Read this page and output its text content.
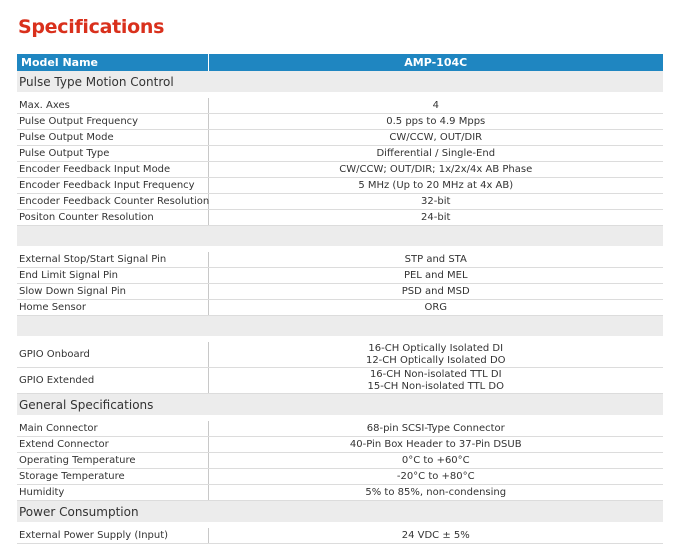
Specifications
Model Name	AMP-104C
Pulse Type Motion Control	

Max. Axes	4
Pulse Output Frequency	0.5 pps to 4.9 Mpps
Pulse Output Mode	CW/CCW, OUT/DIR
Pulse Output Type	Differential / Single-End
Encoder Feedback Input Mode	CW/CCW; OUT/DIR; 1x/2x/4x AB Phase
Encoder Feedback Input Frequency	5 MHz (Up to 20 MHz at 4x AB)
Encoder Feedback Counter Resolution	32-bit
Positon Counter Resolution	24-bit

External Stop/Start Signal Pin	STP and STA
End Limit Signal Pin	PEL and MEL
Slow Down Signal Pin	PSD and MSD
Home Sensor	ORG

GPIO Onboard	16-CH Optically Isolated DI
12-CH Optically Isolated DO

GPIO Extended	16-CH Non-isolated TTL DI
15-CH Non-isolated TTL DO

General Specifications	

Main Connector	68-pin SCSI-Type Connector
Extend Connector	40-Pin Box Header to 37-Pin DSUB
Operating Temperature	0°C to +60°C
Storage Temperature	-20°C to +80°C
Humidity	5% to 85%, non-condensing
Power Consumption	

External Power Supply (Input)	24 VDC ± 5%
